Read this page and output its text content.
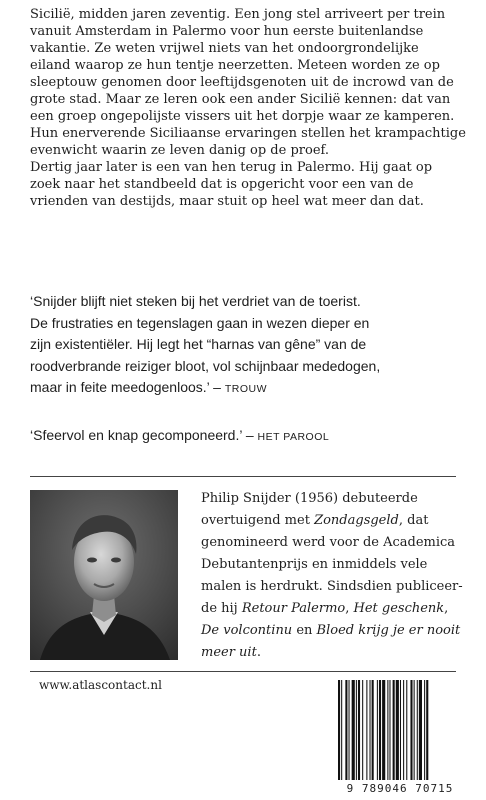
Sicilië, midden jaren zeventig. Een jong stel arriveert per trein

vanuit Amsterdam in Palermo voor hun eerste buitenlandse

vakantie. Ze weten vrijwel niets van het ondoorgrondelijke

eiland waarop ze hun tentje neerzetten. Meteen worden ze op

sleeptouw genomen door leeftijdsgenoten uit de incrowd van de

grote stad. Maar ze leren ook een ander Sicilië kennen: dat van

een groep ongepolijste vissers uit het dorpje waar ze kamperen.

Hun enerverende Siciliaanse ervaringen stellen het krampachtige

evenwicht waarin ze leven danig op de proef.

Dertig jaar later is een van hen terug in Palermo. Hij gaat op

zoek naar het standbeeld dat is opgericht voor een van de

vrienden van destijds, maar stuit op heel wat meer dan dat.

‘Snijder blijft niet steken bij het verdriet van de toerist.
De frustraties en tegenslagen gaan in wezen dieper en
zijn existentiëler. Hij legt het “harnas van gêne” van de
roodverbrande reiziger bloot, vol schijnbaar mededogen,
maar in feite meedogenloos.’ – TROUW
‘Sfeervol en knap gecomponeerd.’ – HET PAROOL
Philip Snijder (1956) debuteerde
overtuigend met Zondagsgeld, dat
genomineerd werd voor de Academica
Debutantenprijs en inmiddels vele
malen is herdrukt. Sindsdien publiceer-
de hij Retour Palermo, Het geschenk,
De volcontinu en Bloed krijg je er nooit
meer uit.
www.atlascontact.nl
9 789046 70715
